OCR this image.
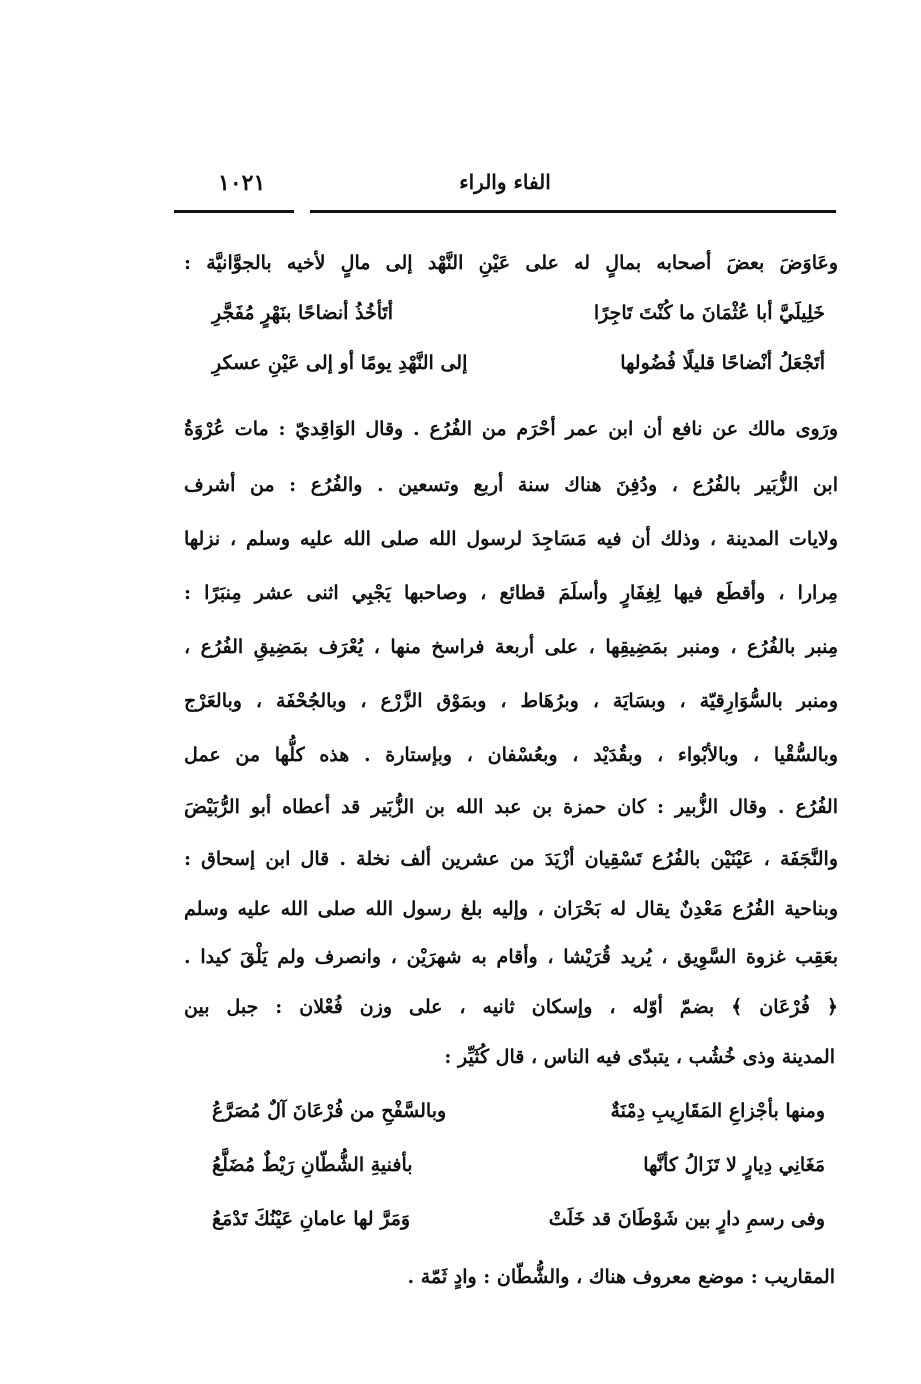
الفاء والراء
١٠٢١
وعَاوَضَ بعضَ أصحابه بمالٍ له على عَيْنِ النَّهْد إلى مالٍ لأخيه بالجوَّانيَّة :
خَلِيلَيَّ أبا عُثْمَانَ ما كُنْتَ تَاجِرًا
أتَأخُذُ أنضاحًا بنَهْرٍ مُفَجَّرِ
أتَجْعَلُ أنْضاحًا قليلًا فُضُولها
إلى النَّهْدِ يومًا أو إلى عَيْنِ عسكرِ
ورَوى مالك عن نافع أن ابن عمر أحْرَم من الفُرُع . وقال الوَاقِديّ : مات عُرْوَةُ
ابن الزُّبَير بالفُرُع ، ودُفِنَ هناك سنة أربع وتسعين . والفُرُع : من أشرف
ولايات المدينة ، وذلك أن فيه مَسَاجِدَ لرسول الله صلى الله عليه وسلم ، نزلها
مِرارا ، وأقطَع فيها لِغِفَارٍ وأسلَمَ قطائع ، وصاحبها يَجْبِي اثنى عشر مِنبَرًا :
مِنبر بالفُرُع ، ومنبر بمَضِيقِها ، على أربعة فراسخ منها ، يُعْرَف بمَضِيقِ الفُرُع ،
ومنبر بالسُّوَارِقيّة ، وبسَايَة ، وبرُهَاط ، وبمَوْق الزَّرْع ، وبالجُحْفَة ، وبالعَرْج
وبالسُّقْيا ، وبالأبْواء ، وبقُدَيْد ، وبعُسْفان ، وبإستارة . هذه كلُّها من عمل
الفُرُع . وقال الزُّبير : كان حمزة بن عبد الله بن الزُّبَير قد أعطاه أبو الرُّبَيْضَ
والنَّجَفَة ، عَيْنَيْن بالفُرُع تَسْقِيان أزْيَدَ من عشرين ألف نخلة . قال ابن إسحاق :
وبناحية الفُرُع مَعْدِنٌ يقال له بَحْرَان ، وإليه بلغ رسول الله صلى الله عليه وسلم
بعَقِب غزوة السَّوِيق ، يُريد قُرَيْشا ، وأقام به شهرَيْن ، وانصرف ولم يَلْقَ كيدا .
﴿ فُرْعَان ﴾ بضمّ أوّله ، وإسكان ثانيه ، على وزن فُعْلان : جبل بين
المدينة وذى خُشُب ، يتبدّى فيه الناس ، قال كُثَيِّر :
ومنها بأجْزاعِ المَقَارِيبِ دِمْنَةٌ
وبالسَّفْحِ من فُرْعَانَ آلٌ مُصَرَّعُ
مَغَانِي دِيارٍ لا تَزَالُ كأنَّها
بأفنيةِ الشُّطّانِ رَيْطٌ مُضَلَّعُ
وفى رسمِ دارٍ بين شَوْطَانَ قد خَلَتْ
وَمَرَّ لها عامانِ عَيْنُكَ تَدْمَعُ
المقاريب : موضع معروف هناك ، والشُّطّان : وادٍ ثَمّة .
